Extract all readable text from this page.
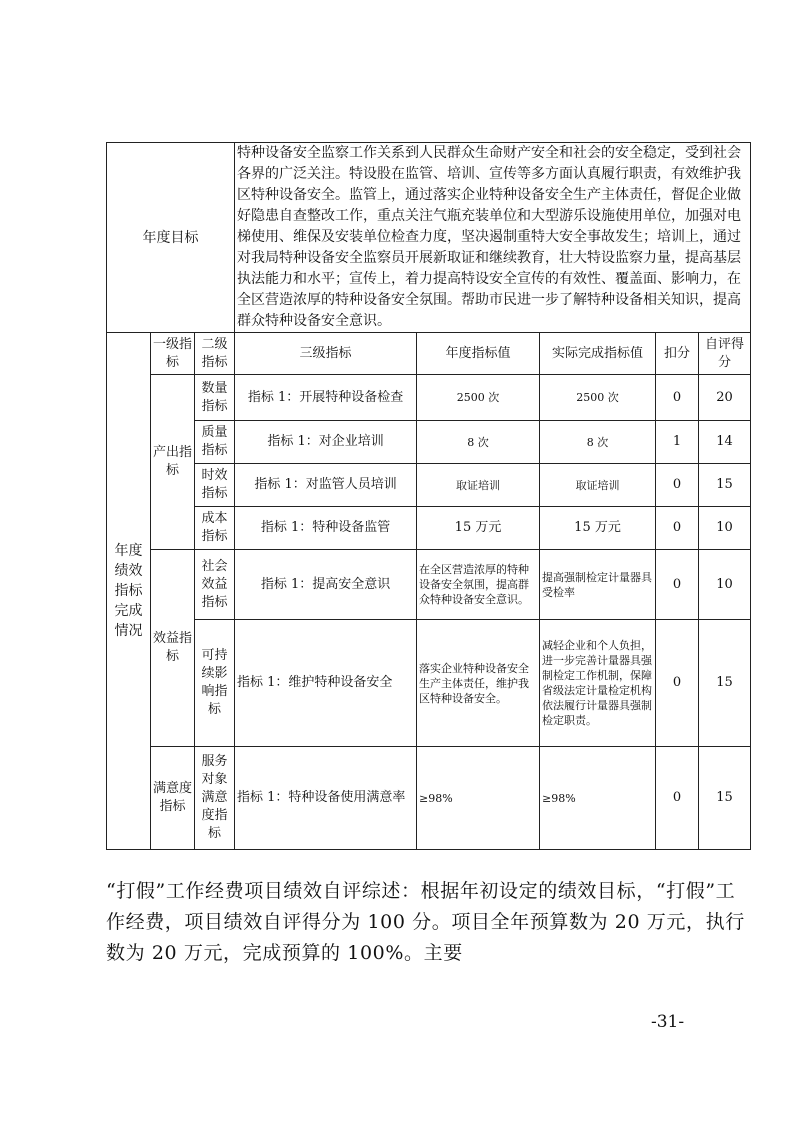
年度目标			特种设备安全监察工作关系到人民群众生命财产安全和社会的安全稳定，受到社会各界的广泛关注。特设股在监管、培训、宣传等多方面认真履行职责，有效维护我区特种设备安全。监管上，通过落实企业特种设备安全生产主体责任，督促企业做好隐患自查整改工作，重点关注气瓶充装单位和大型游乐设施使用单位，加强对电梯使用、维保及安装单位检查力度，坚决遏制重特大安全事故发生；培训上，通过对我局特种设备安全监察员开展新取证和继续教育，壮大特设监察力量，提高基层执法能力和水平；宣传上，着力提高特设安全宣传的有效性、覆盖面、影响力，在全区营造浓厚的特种设备安全氛围。帮助市民进一步了解特种设备相关知识，提高群众特种设备安全意识。				
年度绩效指标完成情况	一级指标	二级指标	三级指标	年度指标值	实际完成指标值	扣分	自评得分
	产出指标	数量指标	指标 1：开展特种设备检查	2500 次	2500 次	0	20
		质量指标	指标 1：对企业培训	8 次	8 次	1	14
		时效指标	指标 1：对监管人员培训	取证培训	取证培训	0	15
		成本指标	指标 1：特种设备监管	15 万元	15 万元	0	10
	效益指标	社会效益指标	指标 1：提高安全意识	在全区营造浓厚的特种设备安全氛围，提高群众特种设备安全意识。	提高强制检定计量器具受检率	0	10
		可持续影响指标	指标 1：维护特种设备安全	落实企业特种设备安全生产主体责任，维护我区特种设备安全。	减轻企业和个人负担，进一步完善计量器具强制检定工作机制，保障省级法定计量检定机构依法履行计量器具强制检定职责。	0	15
	满意度指标	服务对象满意度指标	指标 1：特种设备使用满意率	≥98%	≥98%	0	15

“打假”工作经费项目绩效自评综述：根据年初设定的绩效目标，“打假”工作经费，项目绩效自评得分为 100 分。项目全年预算数为 20 万元，执行数为 20 万元，完成预算的 100%。主要

-31-
